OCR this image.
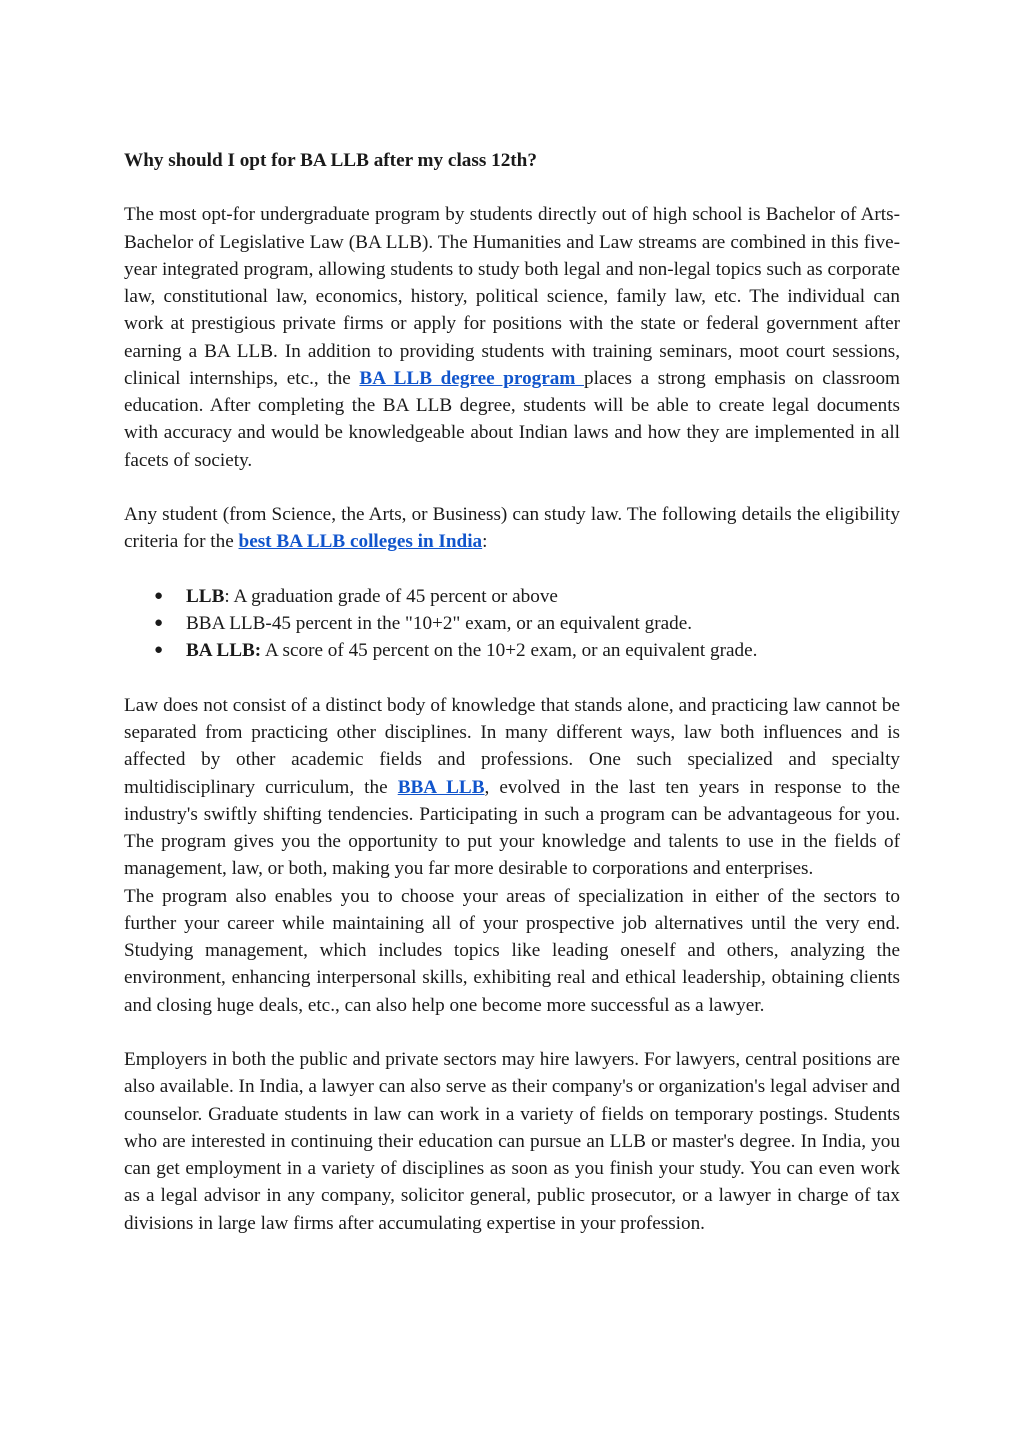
Why should I opt for BA LLB after my class 12th?

The most opt-for undergraduate program by students directly out of high school is Bachelor of Arts- Bachelor of Legislative Law (BA LLB). The Humanities and Law streams are combined in this five-year integrated program, allowing students to study both legal and non-legal topics such as corporate law, constitutional law, economics, history, political science, family law, etc. The individual can work at prestigious private firms or apply for positions with the state or federal government after earning a BA LLB. In addition to providing students with training seminars, moot court sessions, clinical internships, etc., the BA LLB degree program places a strong emphasis on classroom education. After completing the BA LLB degree, students will be able to create legal documents with accuracy and would be knowledgeable about Indian laws and how they are implemented in all facets of society.

Any student (from Science, the Arts, or Business) can study law. The following details the eligibility criteria for the best BA LLB colleges in India:

● LLB: A graduation grade of 45 percent or above
● BBA LLB-45 percent in the "10+2" exam, or an equivalent grade.
● BA LLB: A score of 45 percent on the 10+2 exam, or an equivalent grade.

Law does not consist of a distinct body of knowledge that stands alone, and practicing law cannot be separated from practicing other disciplines. In many different ways, law both influences and is affected by other academic fields and professions. One such specialized and specialty multidisciplinary curriculum, the BBA LLB, evolved in the last ten years in response to the industry's swiftly shifting tendencies. Participating in such a program can be advantageous for you. The program gives you the opportunity to put your knowledge and talents to use in the fields of management, law, or both, making you far more desirable to corporations and enterprises.

The program also enables you to choose your areas of specialization in either of the sectors to further your career while maintaining all of your prospective job alternatives until the very end. Studying management, which includes topics like leading oneself and others, analyzing the environment, enhancing interpersonal skills, exhibiting real and ethical leadership, obtaining clients and closing huge deals, etc., can also help one become more successful as a lawyer.

Employers in both the public and private sectors may hire lawyers. For lawyers, central positions are also available. In India, a lawyer can also serve as their company's or organization's legal adviser and counselor. Graduate students in law can work in a variety of fields on temporary postings. Students who are interested in continuing their education can pursue an LLB or master's degree. In India, you can get employment in a variety of disciplines as soon as you finish your study. You can even work as a legal advisor in any company, solicitor general, public prosecutor, or a lawyer in charge of tax divisions in large law firms after accumulating expertise in your profession.
